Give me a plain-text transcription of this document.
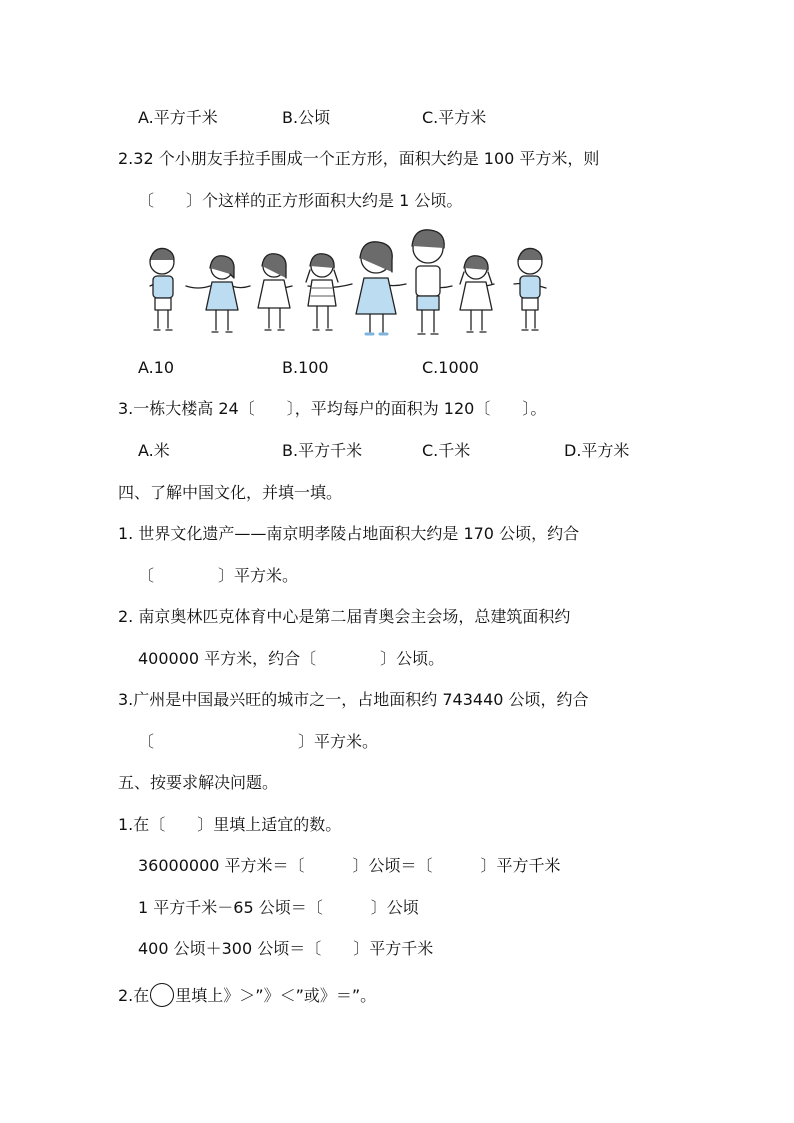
A.平方千米	B.公顷	C.平方米
2.32 个小朋友手拉手围成一个正方形，面积大约是 100 平方米，则
〔　　〕个这样的正方形面积大约是 1 公顷。
A.10	B.100	C.1000
3.一栋大楼高 24〔　　〕，平均每户的面积为 120〔　　〕。
A.米	B.平方千米	C.千米	D.平方米
四、了解中国文化，并填一填。
1. 世界文化遗产——南京明孝陵占地面积大约是 170 公顷，约合
〔　　　　〕平方米。
2. 南京奥林匹克体育中心是第二届青奥会主会场，总建筑面积约
400000 平方米，约合〔　　　　〕公顷。
3.广州是中国最兴旺的城市之一，占地面积约 743440 公顷，约合
〔　　　　　　　　　〕平方米。
五、按要求解决问题。
1.在〔　　〕里填上适宜的数。
36000000 平方米＝〔　　　〕公顷＝〔　　　〕平方千米
1 平方千米－65 公顷＝〔　　　〕公顷
400 公顷＋300 公顷＝〔　　〕平方千米
2.在 里填上》＞”》＜”或》＝”。
